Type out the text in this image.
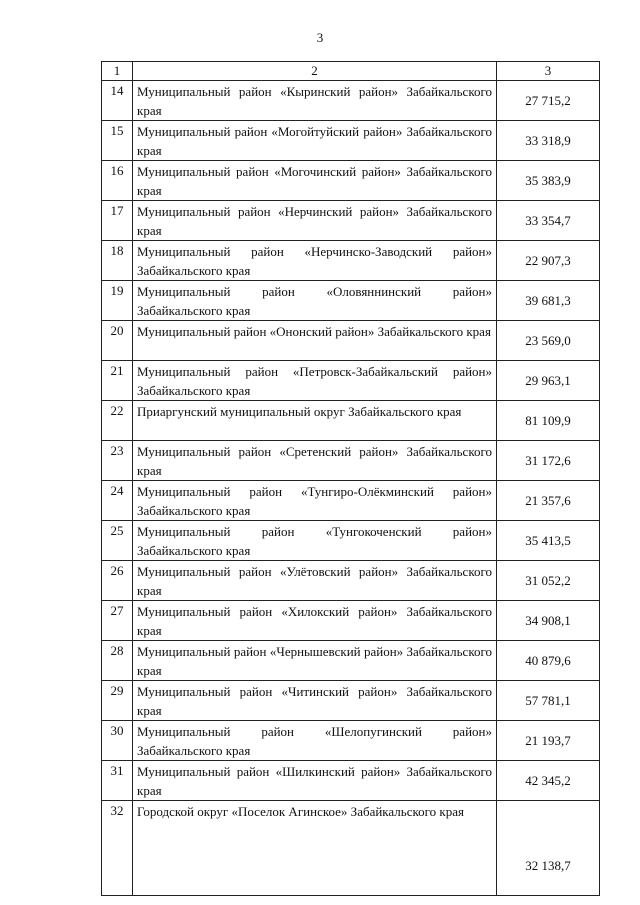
3
1	2	3
14	Муниципальный район «Кыринский район» Забайкальского края	27 715,2
15	Муниципальный район «Могойтуйский район» Забайкальского края	33 318,9
16	Муниципальный район «Могочинский район» Забайкальского края	35 383,9
17	Муниципальный район «Нерчинский район» Забайкальского края	33 354,7
18	Муниципальный район «Нерчинско-Заводский район» Забайкальского края	22 907,3
19	Муниципальный район «Оловяннинский район» Забайкальского края	39 681,3
20	Муниципальный район «Ононский район» Забайкальского края	23 569,0
21	Муниципальный район «Петровск-Забайкальский район» Забайкальского края	29 963,1
22	Приаргунский муниципальный округ Забайкальского края	81 109,9
23	Муниципальный район «Сретенский район» Забайкальского края	31 172,6
24	Муниципальный район «Тунгиро-Олёкминский район» Забайкальского края	21 357,6
25	Муниципальный район «Тунгокоченский район» Забайкальского края	35 413,5
26	Муниципальный район «Улётовский район» Забайкальского края	31 052,2
27	Муниципальный район «Хилокский район» Забайкальского края	34 908,1
28	Муниципальный район «Чернышевский район» Забайкальского края	40 879,6
29	Муниципальный район «Читинский район» Забайкальского края	57 781,1
30	Муниципальный район «Шелопугинский район» Забайкальского края	21 193,7
31	Муниципальный район «Шилкинский район» Забайкальского края	42 345,2
32	Городской округ «Поселок Агинское» Забайкальского края	32 138,7
